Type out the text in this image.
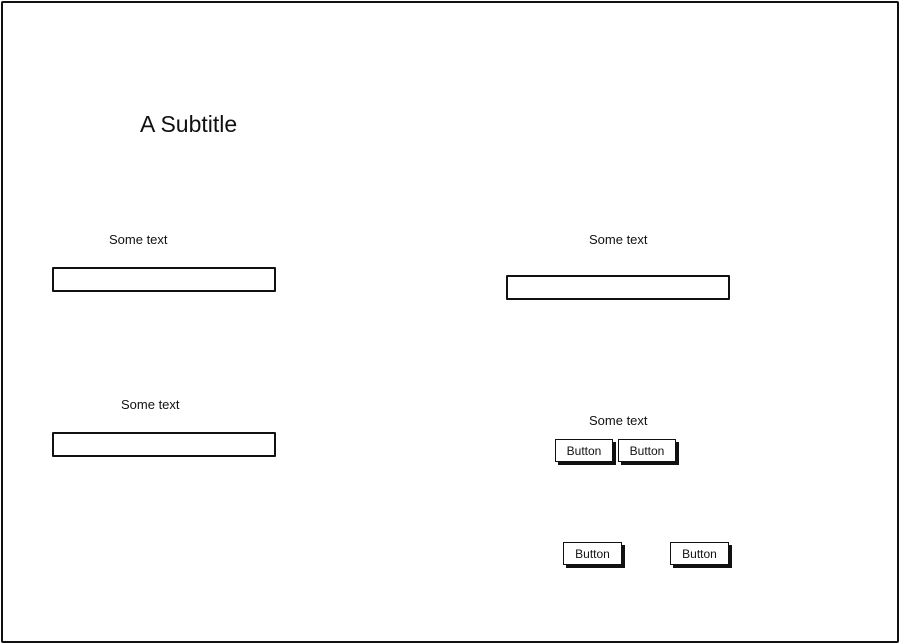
A Subtitle
Some text
Some text
Some text
Some text
Button	Button
Button	Button
